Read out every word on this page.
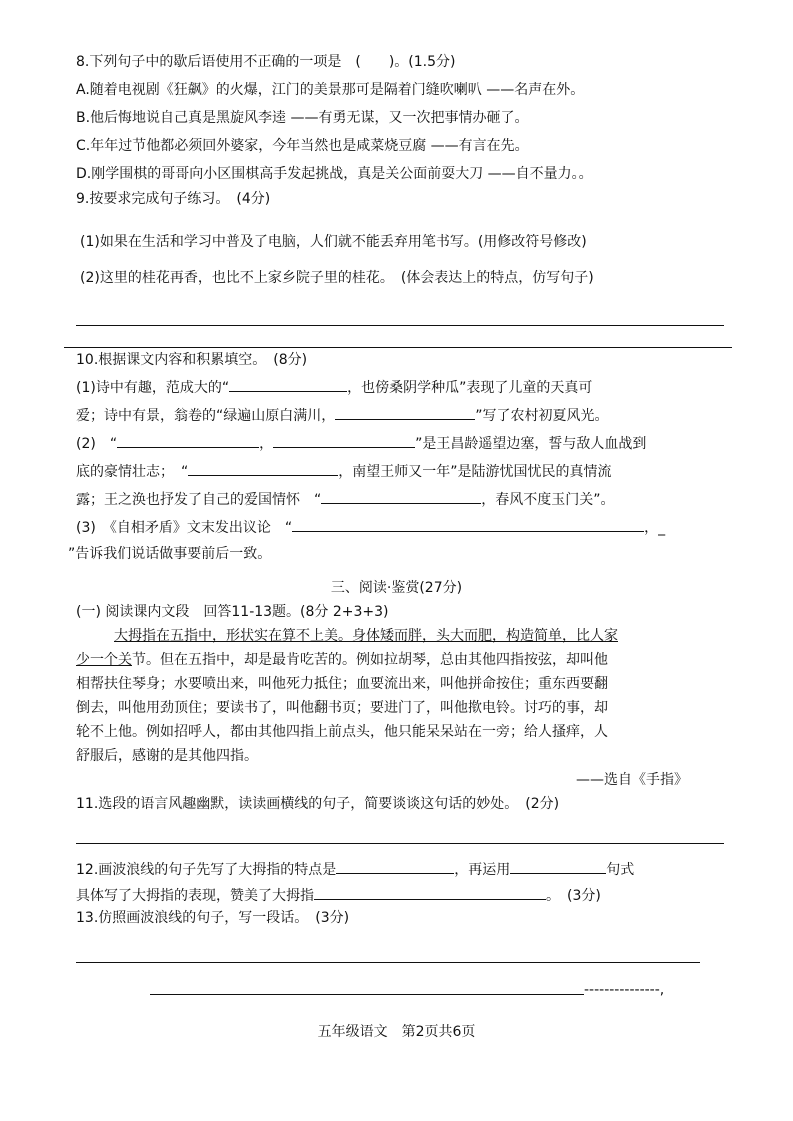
8.下列句子中的歇后语使用不正确的一项是　(　　)。(1.5分)
A.随着电视剧《狂飙》的火爆，江门的美景那可是隔着门缝吹喇叭 ——名声在外。
B.他后悔地说自己真是黑旋风李逵 ——有勇无谋，又一次把事情办砸了。
C.年年过节他都必须回外婆家，今年当然也是咸菜烧豆腐 ——有言在先。
D.刚学围棋的哥哥向小区围棋高手发起挑战，真是关公面前耍大刀 ——自不量力。。
9.按要求完成句子练习。　(4分)
(1)如果在生活和学习中普及了电脑，人们就不能丢弃用笔书写。(用修改符号修改)
(2)这里的桂花再香，也比不上家乡院子里的桂花。　(体会表达上的特点，仿写句子)
10.根据课文内容和积累填空。　(8分)
(1)诗中有趣，范成大的“	，也傍桑阴学种瓜”表现了儿童的天真可
爱；诗中有景，翁卷的“绿遍山原白满川，	”写了农村初夏风光。
(2)　“	，	”是王昌龄遥望边塞，誓与敌人血战到
底的豪情壮志；　“	，南望王师又一年”是陆游忧国忧民的真情流
露；王之涣也抒发了自己的爱国情怀　“	，春风不度玉门关”。
(3)　《自相矛盾》文末发出议论　“	，_
”告诉我们说话做事要前后一致。
三、阅读·鉴赏(27分)
(一) 阅读课内文段　回答11-13题。(8分 2+3+3)
大拇指在五指中，形状实在算不上美。身体矮而胖，头大而肥，构造简单，比人家
少一个关节。但在五指中，却是最肯吃苦的。例如拉胡琴，总由其他四指按弦，却叫他
相帮扶住琴身；水要喷出来，叫他死力抵住；血要流出来，叫他拼命按住；重东西要翻
倒去，叫他用劲顶住；要读书了，叫他翻书页；要进门了，叫他揿电铃。讨巧的事，却
轮不上他。例如招呼人，都由其他四指上前点头，他只能呆呆站在一旁；给人搔痒，人
舒服后，感谢的是其他四指。
——选自《手指》
11.选段的语言风趣幽默，读读画横线的句子，简要谈谈这句话的妙处。　(2分)
12.画波浪线的句子先写了大拇指的特点是	，再运用	句式
具体写了大拇指的表现，赞美了大拇指	。　(3分)
13.仿照画波浪线的句子，写一段话。　(3分)
---------------,
五年级语文　第2页共6页
